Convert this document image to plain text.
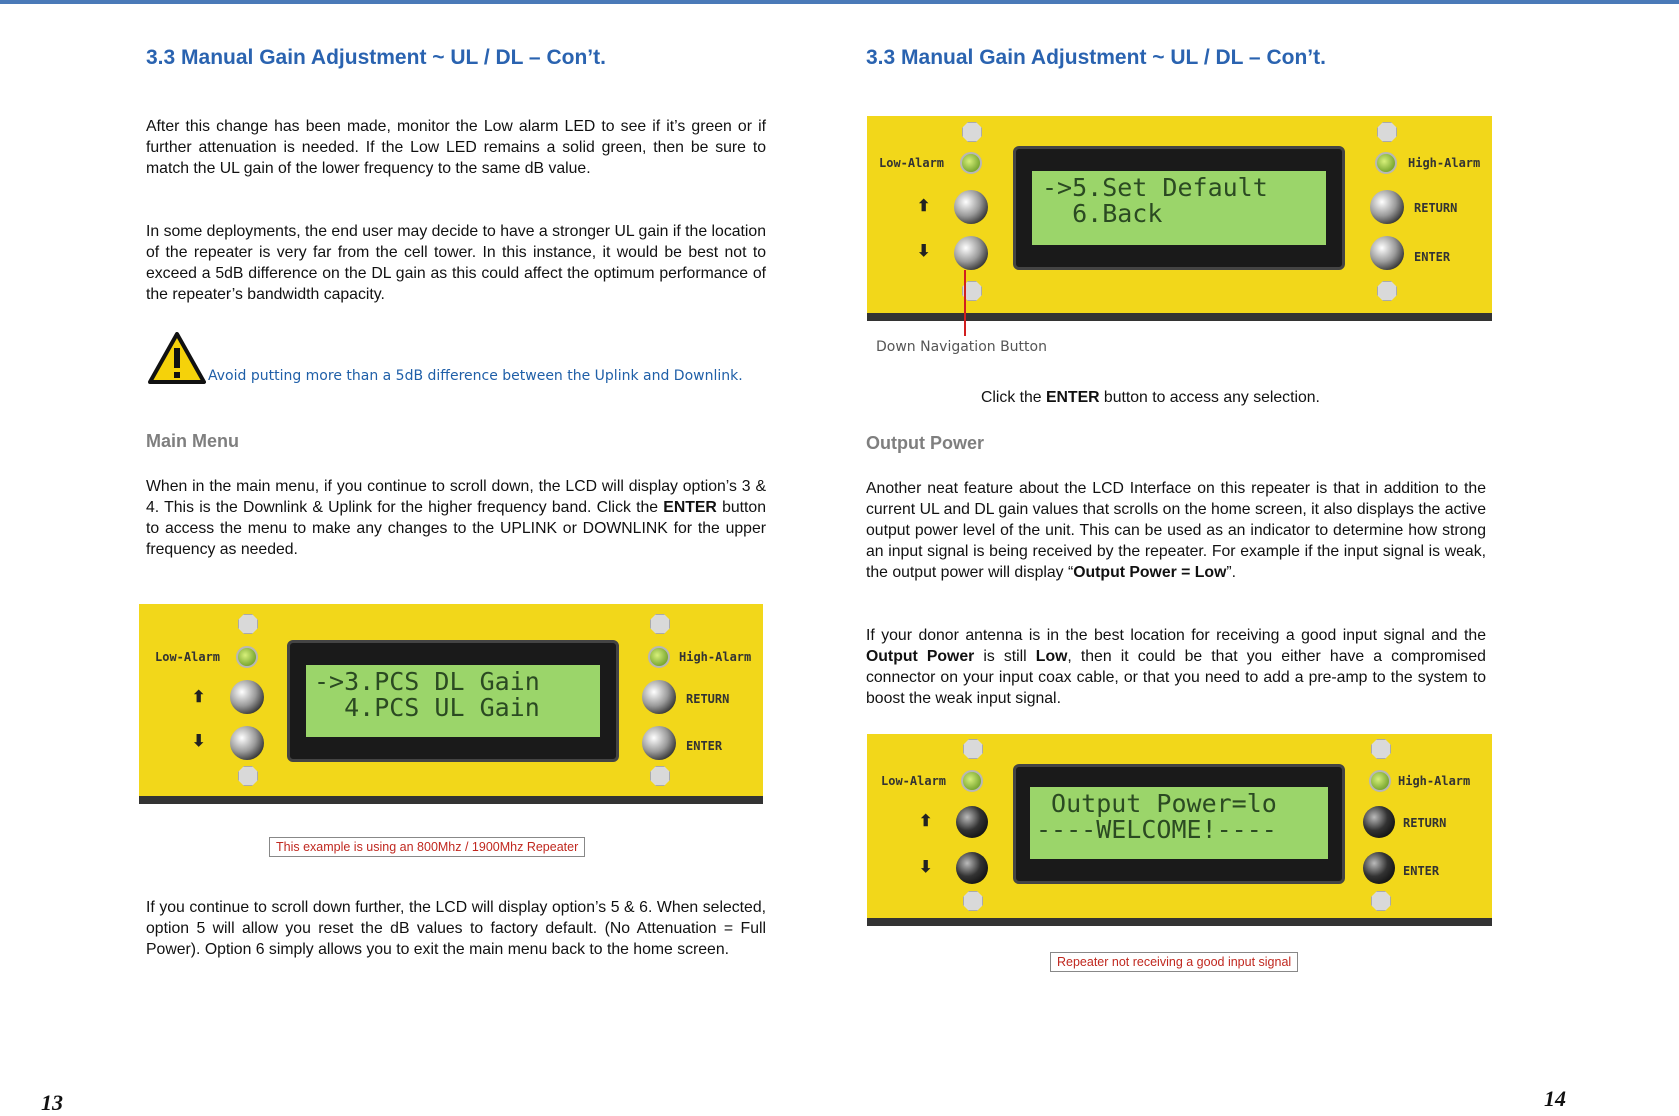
3.3 Manual Gain Adjustment ~ UL / DL – Con’t.

After this change has been made, monitor the Low alarm LED to see if it’s green or if further attenuation is needed. If the Low LED remains a solid green, then be sure to match the UL gain of the lower frequency to the same dB value.

In some deployments, the end user may decide to have a stronger UL gain if the location of the repeater is very far from the cell tower. In this instance, it would be best not to exceed a 5dB difference on the DL gain as this could affect the optimum performance of the repeater’s bandwidth capacity.

Avoid putting more than a 5dB difference between the Uplink and Downlink.
Main Menu

When in the main menu, if you continue to scroll down, the LCD will display option’s 3 & 4. This is the Downlink & Uplink for the higher frequency band. Click the ENTER button to access the menu to make any changes to the UPLINK or DOWNLINK for the upper frequency as needed.

Low-Alarm
⬆
⬇
->3.PCS DL Gain
4.PCS UL Gain
High-Alarm
RETURN
ENTER
This example is using an 800Mhz / 1900Mhz Repeater

If you continue to scroll down further, the LCD will display option’s 5 & 6. When selected, option 5 will allow you reset the dB values to factory default. (No Attenuation = Full Power). Option 6 simply allows you to exit the main menu back to the home screen.

13
3.3 Manual Gain Adjustment ~ UL / DL – Con’t.
Low-Alarm
⬆
⬇
->5.Set Default
6.Back
High-Alarm
RETURN
ENTER
Down Navigation Button

Click the ENTER button to access any selection.

Output Power

Another neat feature about the LCD Interface on this repeater is that in addition to the current UL and DL gain values that scrolls on the home screen, it also displays the active output power level of the unit. This can be used as an indicator to determine how strong an input signal is being received by the repeater. For example if the input signal is weak, the output power will display “Output Power = Low”.

If your donor antenna is in the best location for receiving a good input signal and the Output Power is still Low, then it could be that you either have a compromised connector on your input coax cable, or that you need to add a pre-amp to the system to boost the weak input signal.

Low-Alarm
⬆
⬇
Output Power=lo
----WELCOME!----
High-Alarm
RETURN
ENTER
Repeater not receiving a good input signal
14
